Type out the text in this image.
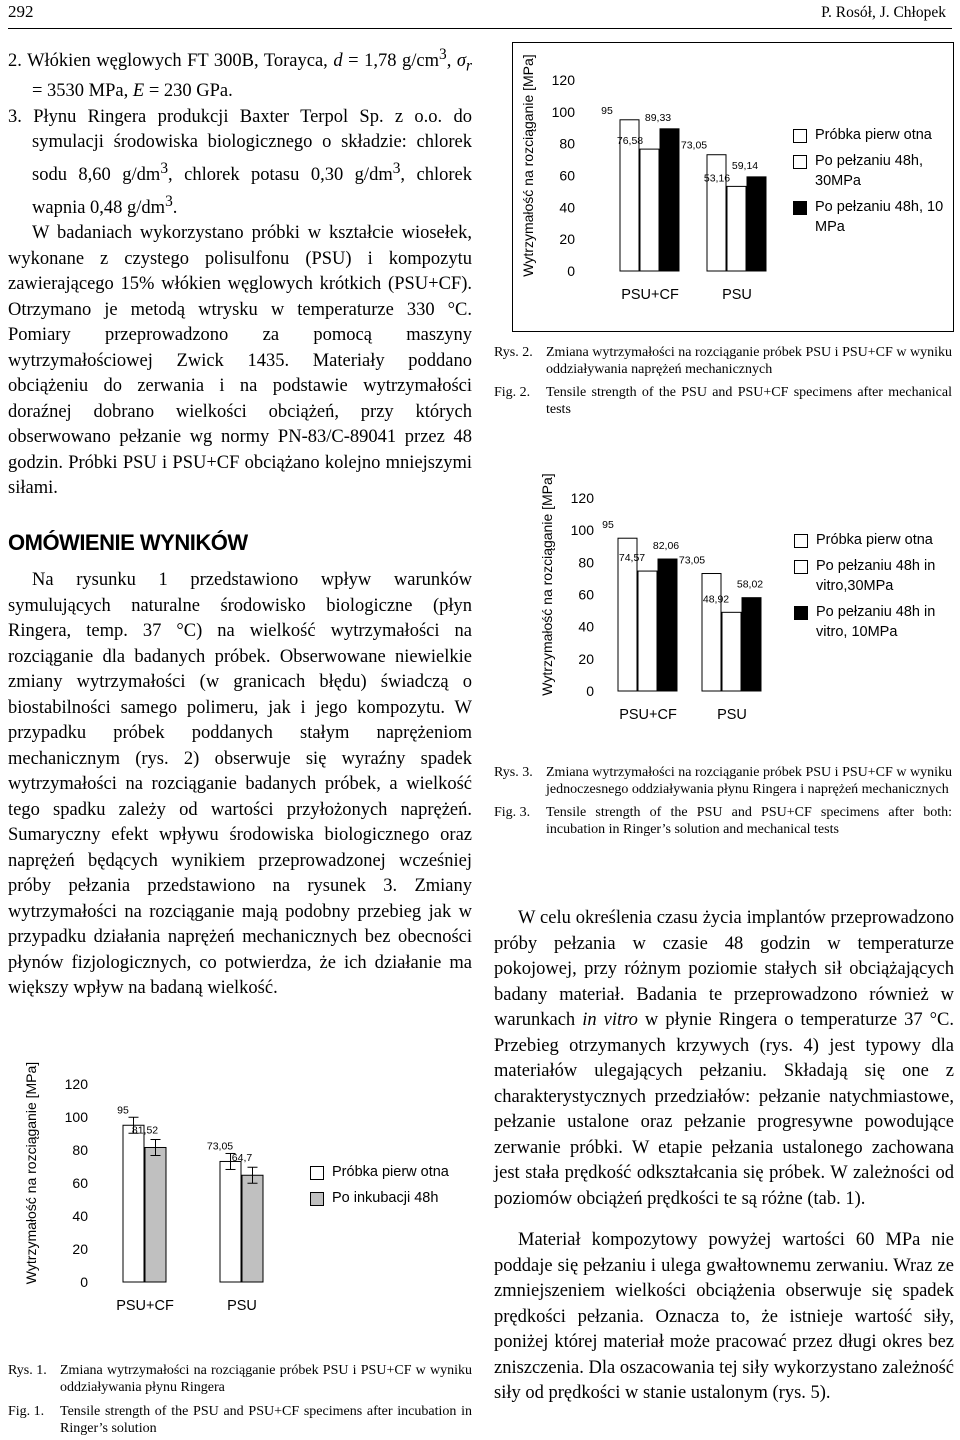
292	P. Rosół, J. Chłopek
2. Włókien węglowych FT 300B, Torayca, d = 1,78 $g/cm^3$, $\sigma_r = 3530$ MPa, E = 230 GPa.
3. Płynu Ringera produkcji Baxter Terpol Sp. z o.o. do symulacji środowiska biologicznego o składzie: chlorek sodu 8,60 $g/dm^3$, chlorek potasu 0,30 $g/dm^3$, chlorek wapnia 0,48 $g/dm^3$.
W badaniach wykorzystano próbki w kształcie wiosełek, wykonane z czystego polisulfonu (PSU) i kompozytu zawierającego 15% włókien węglowych krótkich (PSU+CF). Otrzymano je metodą wtrysku w temperaturze 330 °C. Pomiary przeprowadzono za pomocą maszyny wytrzymałościowej Zwick 1435. Materiały poddano obciążeniu do zerwania i na podstawie wytrzymałości doraźnej dobrano wielkości obciążeń, przy których obserwowano pełzanie wg normy PN-83/C-89041 przez 48 godzin. Próbki PSU i PSU+CF obciążano kolejno mniejszymi siłami.
OMÓWIENIE WYNIKÓW
Na rysunku 1 przedstawiono wpływ warunków symulujących naturalne środowisko biologiczne (płyn Ringera, temp. 37 °C) na wielkość wytrzymałości na rozciąganie dla badanych próbek. Obserwowane niewielkie zmiany wytrzymałości (w granicach błędu) świadczą o biostabilności samego polimeru, jak i jego kompozytu. W przypadku próbek poddanych stałym naprężeniom mechanicznym (rys. 2) obserwuje się wyraźny spadek wytrzymałości na rozciąganie badanych próbek, a wielkość tego spadku zależy od wartości przyłożonych naprężeń. Sumaryczny efekt wpływu środowiska biologicznego oraz naprężeń będących wynikiem przeprowadzonej wcześniej próby pełzania przedstawiono na rysunek 3. Zmiany wytrzymałości na rozciąganie mają podobny przebieg jak w przypadku działania naprężeń mechanicznych bez obecności płynów fizjologicznych, co potwierdza, że ich działanie ma większy wpływ na badaną wielkość.
Wytrzymałość na rozciąganie [MPa]	0
20
40
60
80
100
120
95
81,52
PSU+CF
73,05
64,7
PSU
Próbka pierw otna
Po inkubacji 48h
Rys. 1. Zmiana wytrzymałości na rozciąganie próbek PSU i PSU+CF w wyniku oddziaływania płynu Ringera
Fig. 1.	Tensile strength of the PSU and PSU+CF specimens after incubation in Ringer’s solution
Wytrzymałość na rozciąganie [MPa] 0
20
40
60
80
100
120
95
76,58
89,33
PSU+CF
73,05
53,16
59,14
PSU
Próbka pierw otna
Po pełzaniu 48h, 30MPa
Po pełzaniu 48h, 10 MPa
Rys. 2. Zmiana wytrzymałości na rozciąganie próbek PSU i PSU+CF w wyniku oddziaływania naprężeń mechanicznych
Fig. 2.	Tensile strength of the PSU and PSU+CF specimens after mechanical tests
Wytrzymałość na rozciąganie [MPa] 0
20
40
60
80
100
120
95
74,57
82,06
PSU+CF
73,05
48,92
58,02
PSU
Próbka pierw otna
Po pełzaniu 48h in vitro,30MPa
Po pełzaniu 48h in vitro, 10MPa
Rys. 3. Zmiana wytrzymałości na rozciąganie próbek PSU i PSU+CF w wyniku jednoczesnego oddziaływania płynu Ringera i naprężeń mechanicznych
Fig. 3.	Tensile strength of the PSU and PSU+CF specimens after both: incubation in Ringer’s solution and mechanical tests
W celu określenia czasu życia implantów przeprowadzono próby pełzania w czasie 48 godzin w temperaturze pokojowej, przy różnym poziomie stałych sił obciążających badany materiał. Badania te przeprowadzono również w warunkach in vitro w płynie Ringera o temperaturze 37 °C. Przebieg otrzymanych krzywych (rys. 4) jest typowy dla materiałów ulegających pełzaniu. Składają się one z charakterystycznych przedziałów: pełzanie natychmiastowe, pełzanie ustalone oraz pełzanie progresywne powodujące zerwanie próbki. W etapie pełzania ustalonego zachowana jest stała prędkość odkształcania się próbek. W zależności od poziomów obciążeń prędkości te są różne (tab. 1).
Materiał kompozytowy powyżej wartości 60 MPa nie poddaje się pełzaniu i ulega gwałtownemu zerwaniu. Wraz ze zmniejszeniem wielkości obciążenia obserwuje się spadek prędkości pełzania. Oznacza to, że istnieje wartość siły, poniżej której materiał może pracować przez długi okres bez zniszczenia. Dla oszacowania tej siły wykorzystano zależność siły od prędkości w stanie ustalonym (rys. 5).
